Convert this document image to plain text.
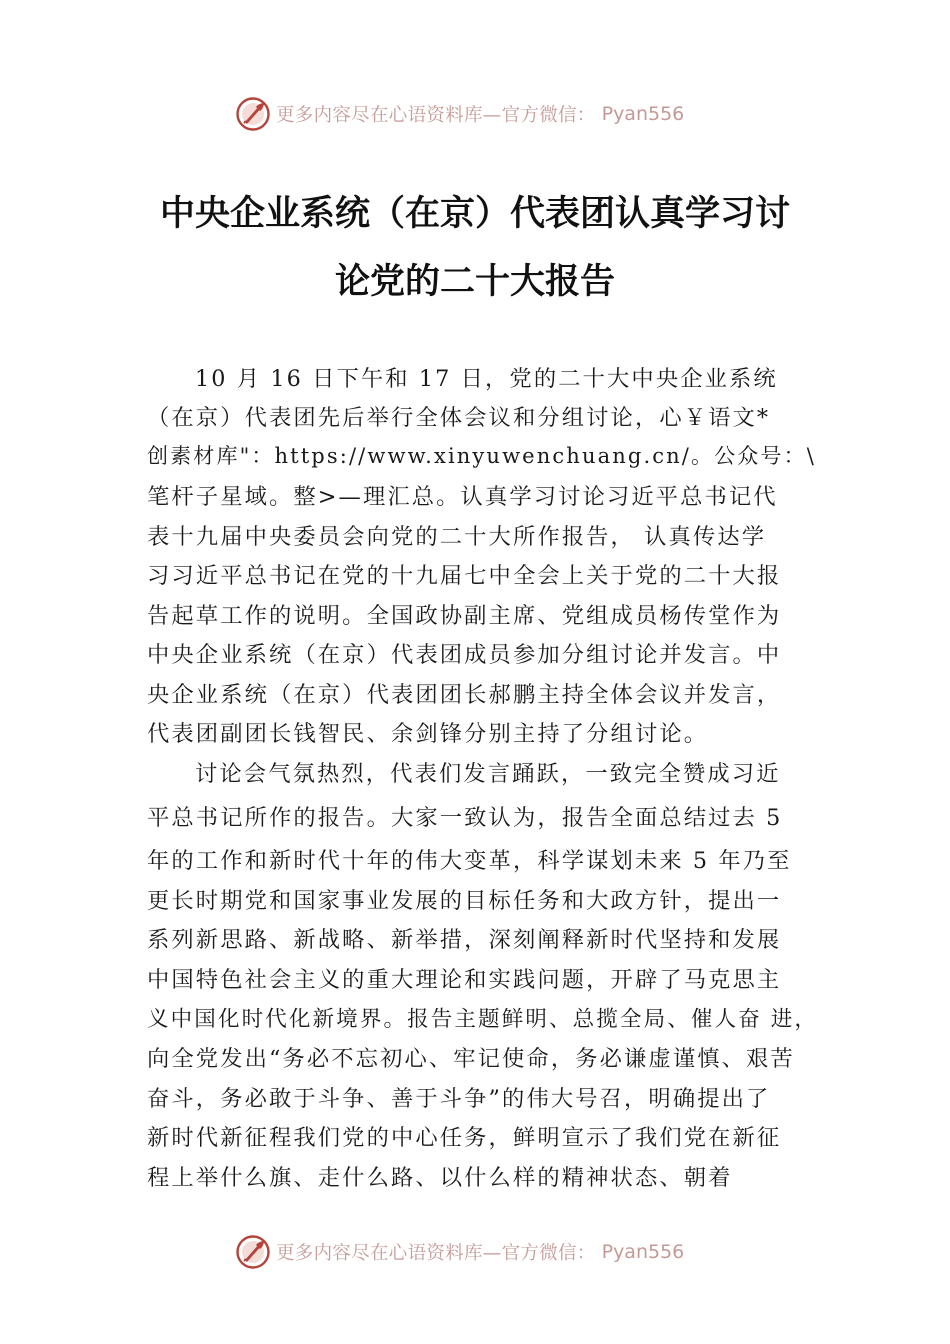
更多内容尽在心语资料库—官方微信： Pyan556
中央企业系统（在京）代表团认真学习讨
论党的二十大报告
10 月 16 日下午和 17 日，党的二十大中央企业系统
（在京）代表团先后举行全体会议和分组讨论，心￥语文*
创素材库"：https://www.xinyuwenchuang.cn/。公众号：\
笔杆子星域。整>—理汇总。认真学习讨论习近平总书记代
表十九届中央委员会向党的二十大所作报告， 认真传达学
习习近平总书记在党的十九届七中全会上关于党的二十大报
告起草工作的说明。全国政协副主席、党组成员杨传堂作为
中央企业系统（在京）代表团成员参加分组讨论并发言。中
央企业系统（在京）代表团团长郝鹏主持全体会议并发言，
代表团副团长钱智民、余剑锋分别主持了分组讨论。
讨论会气氛热烈，代表们发言踊跃，一致完全赞成习近
平总书记所作的报告。大家一致认为，报告全面总结过去 5
年的工作和新时代十年的伟大变革，科学谋划未来 5 年乃至
更长时期党和国家事业发展的目标任务和大政方针，提出一
系列新思路、新战略、新举措，深刻阐释新时代坚持和发展
中国特色社会主义的重大理论和实践问题，开辟了马克思主
义中国化时代化新境界。报告主题鲜明、总揽全局、催人奋 进，
向全党发出“务必不忘初心、牢记使命，务必谦虚谨慎、艰苦
奋斗，务必敢于斗争、善于斗争”的伟大号召，明确提出了
新时代新征程我们党的中心任务，鲜明宣示了我们党在新征
程上举什么旗、走什么路、以什么样的精神状态、朝着
更多内容尽在心语资料库—官方微信： Pyan556
